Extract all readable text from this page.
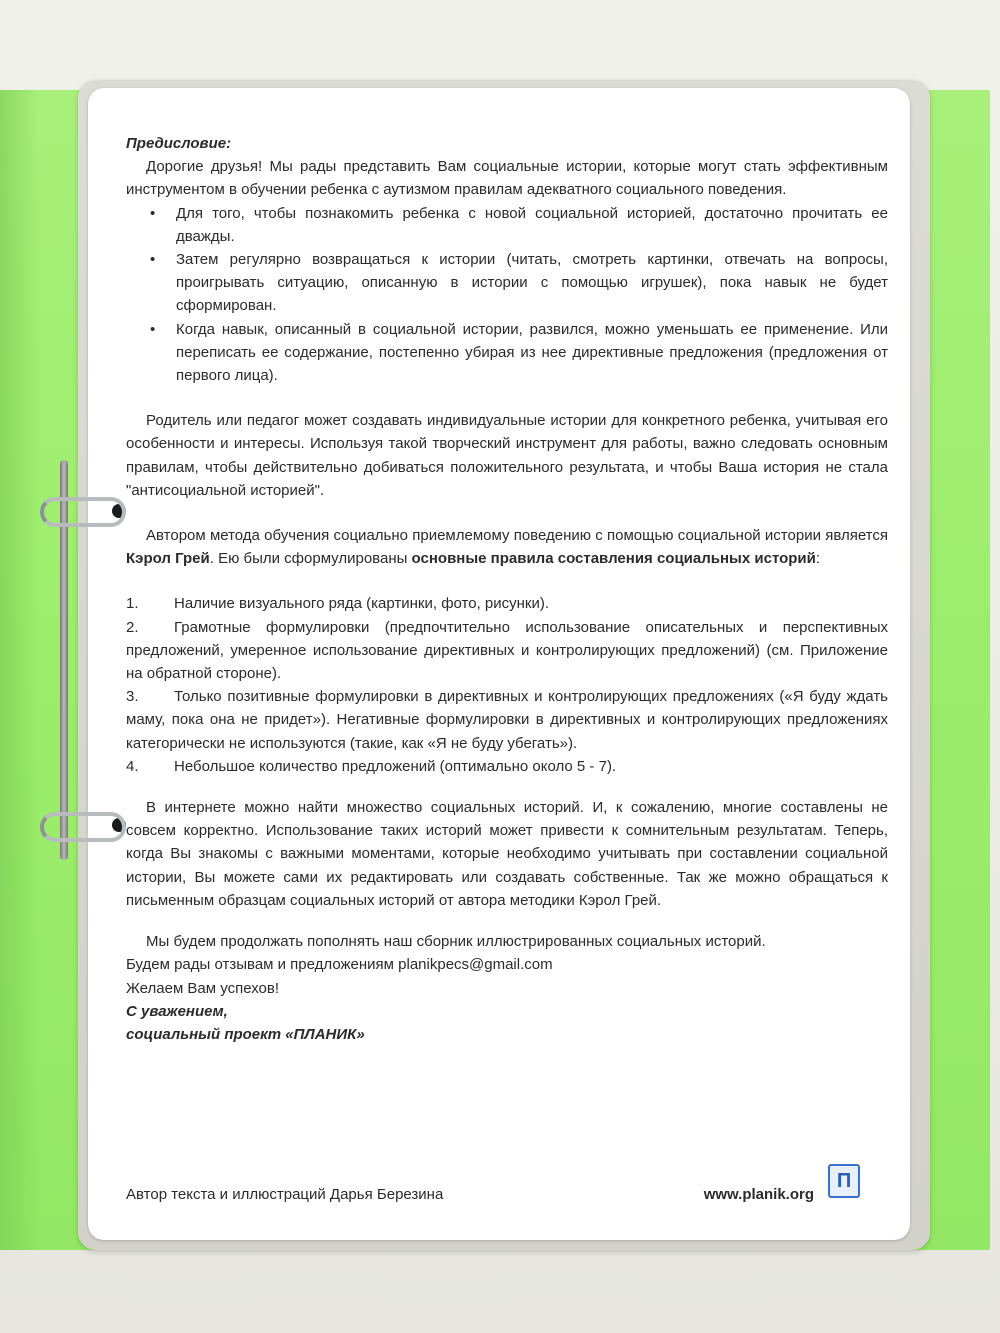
Предисловие:

Дорогие друзья! Мы рады представить Вам социальные истории, которые могут стать эффективным инструментом в обучении ребенка с аутизмом правилам адекватного социального поведения.

• Для того, чтобы познакомить ребенка с новой социальной историей, достаточно прочитать ее дважды.
• Затем регулярно возвращаться к истории (читать, смотреть картинки, отвечать на вопросы, проигрывать ситуацию, описанную в истории с помощью игрушек), пока навык не будет сформирован.
• Когда навык, описанный в социальной истории, развился, можно уменьшать ее применение. Или переписать ее содержание, постепенно убирая из нее директивные предложения (предложения от первого лица).

Родитель или педагог может создавать индивидуальные истории для конкретного ребенка, учитывая его особенности и интересы. Используя такой творческий инструмент для работы, важно следовать основным правилам, чтобы действительно добиваться положительного результата, и чтобы Ваша история не стала "антисоциальной историей".

Автором метода обучения социально приемлемому поведению с помощью социальной истории является Кэрол Грей. Ею были сформулированы основные правила составления социальных историй:

1. Наличие визуального ряда (картинки, фото, рисунки).
2. Грамотные формулировки (предпочтительно использование описательных и перспективных предложений, умеренное использование директивных и контролирующих предложений) (см. Приложение на обратной стороне).
3. Только позитивные формулировки в директивных и контролирующих предложениях («Я буду ждать маму, пока она не придет»). Негативные формулировки в директивных и контролирующих предложениях категорически не используются (такие, как «Я не буду убегать»).
4. Небольшое количество предложений (оптимально около 5 - 7).

В интернете можно найти множество социальных историй. И, к сожалению, многие составлены не совсем корректно. Использование таких историй может привести к сомнительным результатам. Теперь, когда Вы знакомы с важными моментами, которые необходимо учитывать при составлении социальной истории, Вы можете сами их редактировать или создавать собственные. Так же можно обращаться к письменным образцам социальных историй от автора методики Кэрол Грей.

Мы будем продолжать пополнять наш сборник иллюстрированных социальных историй.

Будем рады отзывам и предложениям planikpecs@gmail.com

Желаем Вам успехов!

С уважением,

социальный проект «ПЛАНИК»

Автор текста и иллюстраций Дарья Березина	www.planik.org
П
